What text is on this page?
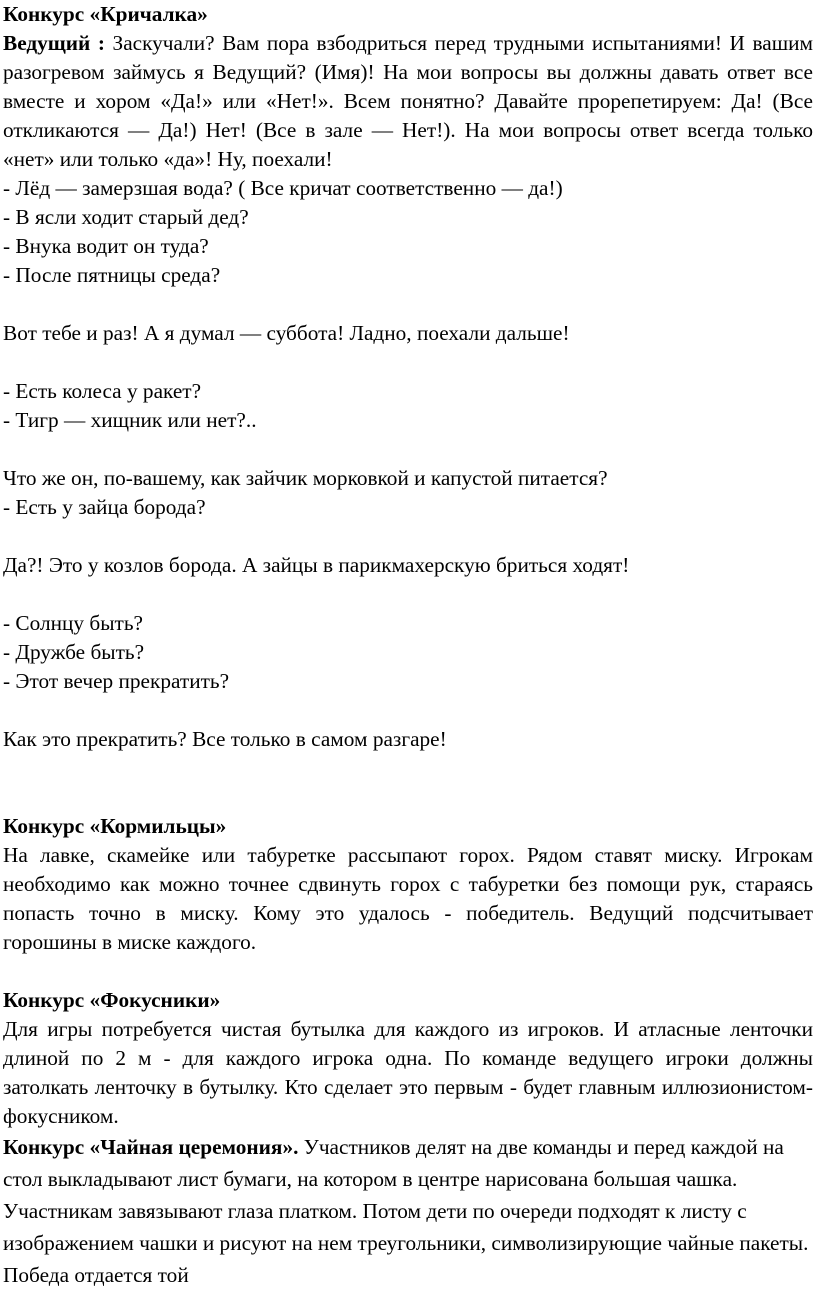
Конкурс «Кричалка»

Ведущий : Заскучали? Вам пора взбодриться перед трудными испытаниями! И вашим разогревом займусь я Ведущий? (Имя)! На мои вопросы вы должны давать ответ все вместе и хором «Да!» или «Нет!». Всем понятно? Давайте прорепетируем: Да! (Все откликаются — Да!) Нет! (Все в зале — Нет!). На мои вопросы ответ всегда только «нет» или только «да»! Ну, поехали!

- Лёд — замерзшая вода? ( Все кричат соответственно — да!)

- В ясли ходит старый дед?

- Внука водит он туда?

- После пятницы среда?

Вот тебе и раз! А я думал — суббота! Ладно, поехали дальше!

- Есть колеса у ракет?

- Тигр — хищник или нет?..

Что же он, по-вашему, как зайчик морковкой и капустой питается?

- Есть у зайца борода?

Да?! Это у козлов борода. А зайцы в парикмахерскую бриться ходят!

- Солнцу быть?

- Дружбе быть?

- Этот вечер прекратить?

Как это прекратить? Все только в самом разгаре!

Конкурс «Кормильцы»

На лавке, скамейке или табуретке рассыпают горох. Рядом ставят миску. Игрокам необходимо как можно точнее сдвинуть горох с табуретки без помощи рук, стараясь попасть точно в миску. Кому это удалось - победитель. Ведущий подсчитывает горошины в миске каждого.

Конкурс «Фокусники»

Для игры потребуется чистая бутылка для каждого из игроков. И атласные ленточки длиной по 2 м - для каждого игрока одна. По команде ведущего игроки должны затолкать ленточку в бутылку. Кто сделает это первым - будет главным иллюзионистом-фокусником.

Конкурс «Чайная церемония». Участников делят на две команды и перед каждой на стол выкладывают лист бумаги, на котором в центре нарисована большая чашка. Участникам завязывают глаза платком. Потом дети по очереди подходят к листу с изображением чашки и рисуют на нем треугольники, символизирующие чайные пакеты. Победа отдается той
